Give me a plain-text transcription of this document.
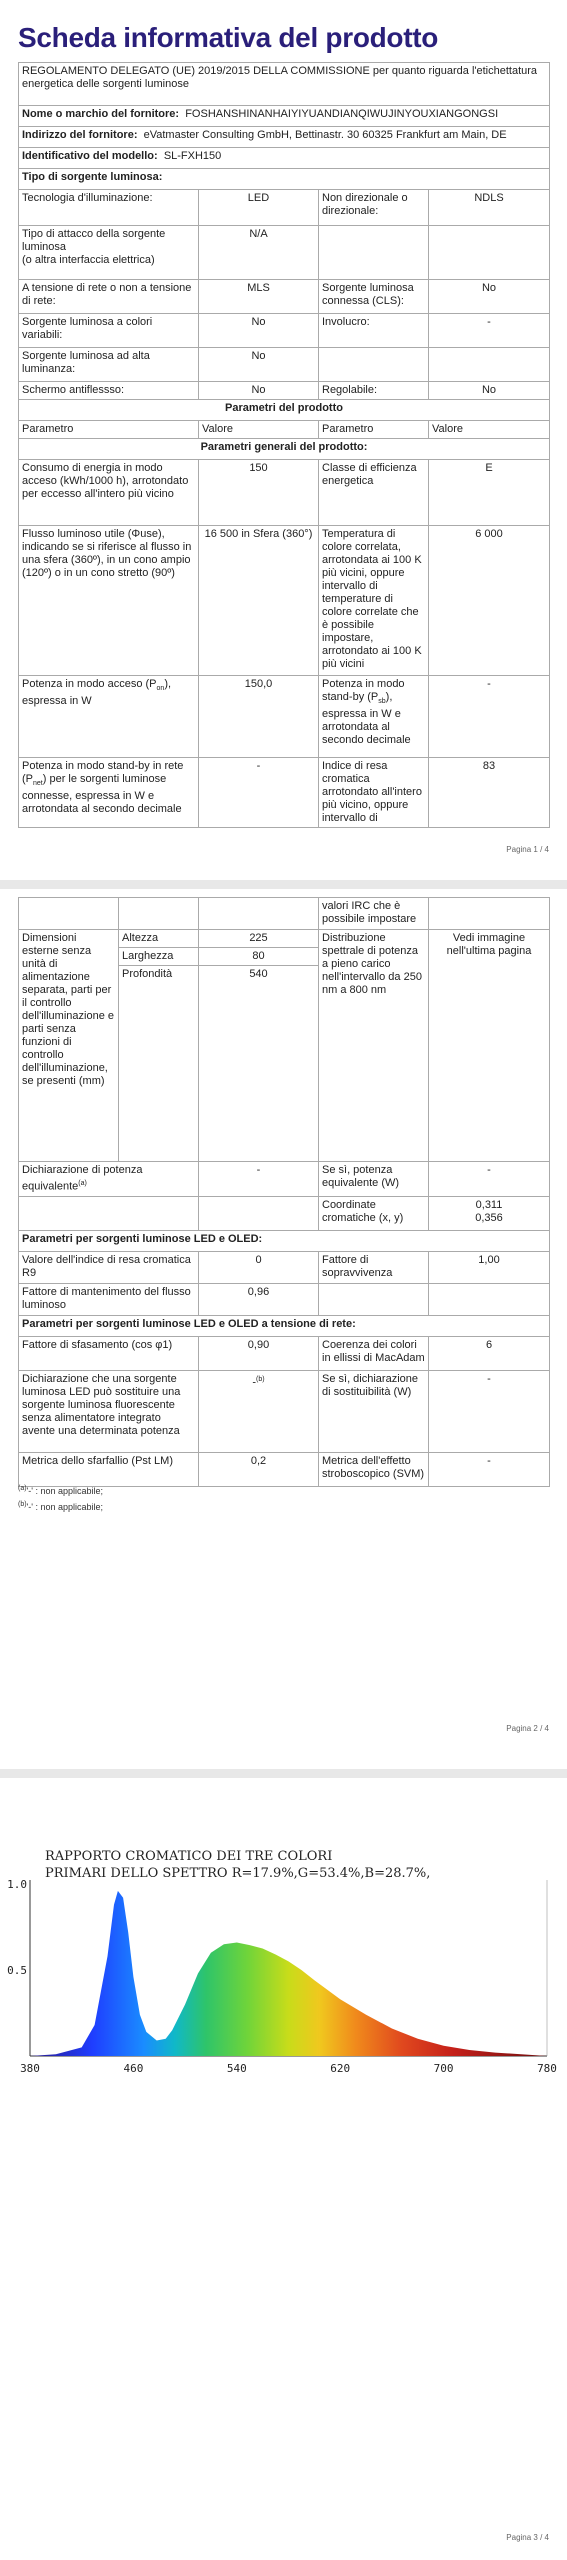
Scheda informativa del prodotto
REGOLAMENTO DELEGATO (UE) 2019/2015 DELLA COMMISSIONE per quanto riguarda l'etichettatura energetica delle sorgenti luminose			
Nome o marchio del fornitore: FOSHANSHINANHAIYIYUANDIANQIWUJINYOUXIANGONGSI			
Indirizzo del fornitore: eVatmaster Consulting GmbH, Bettinastr. 30 60325 Frankfurt am Main, DE			
Identificativo del modello: SL-FXH150			
Tipo di sorgente luminosa:			
Tecnologia d'illuminazione:	LED	Non direzionale o direzionale:	NDLS

Tipo di attacco della sorgente luminosa
(o altra interfaccia elettrica)	N/A		
A tensione di rete o non a tensione di rete:	MLS	Sorgente luminosa connessa (CLS):	No
Sorgente luminosa a colori variabili:	No	Involucro:	-
Sorgente luminosa ad alta luminanza:	No		
Schermo antiflessso:	No	Regolabile:	No
Parametri del prodotto			
Parametro	Valore	Parametro	Valore
Parametri generali del prodotto:			
Consumo di energia in modo acceso (kWh/1000 h), arrotondato per eccesso all'intero più vicino	150	Classe di efficienza energetica	E
Flusso luminoso utile (Φuse), indicando se si riferisce al flusso in una sfera (360º), in un cono ampio (120º) o in un cono stretto (90º)	16 500 in Sfera (360°)	Temperatura di colore correlata, arrotondata ai 100 K più vicini, oppure intervallo di temperature di colore correlate che è possibile impostare, arrotondato ai 100 K più vicini	6 000
Potenza in modo acceso $(P_{on})$, espressa in W	150,0	Potenza in modo stand-by $(P_{sb})$, espressa in W e arrotondata al secondo decimale	-
Potenza in modo stand-by in rete $(P_{net})$ per le sorgenti luminose connesse, espressa in W e arrotondata al secondo decimale	-	Indice di resa cromatica arrotondato all'intero più vicino, oppure intervallo di	83
Pagina 1 / 4
			valori IRC che è possibile impostare	
Dimensioni esterne senza unità di alimentazione separata, parti per il controllo dell'illuminazione e parti senza funzioni di controllo dell'illuminazione, se presenti (mm)	Altezza	225	Distribuzione spettrale di potenza a pieno carico nell'intervallo da 250 nm a 800 nm	Vedi immagine nell'ultima pagina
	Larghezza	80		
	Profondità	540		
Dichiarazione di potenza equivalente$^{(a)}$		-	Se sì, potenza equivalente (W)	-
			Coordinate cromatiche (x, y)	0,311
0,356

Parametri per sorgenti luminose LED e OLED:				
Valore dell'indice di resa cromatica R9		0	Fattore di sopravvivenza	1,00
Fattore di mantenimento del flusso luminoso		0,96		
Parametri per sorgenti luminose LED e OLED a tensione di rete:				
Fattore di sfasamento (cos φ1)		0,90	Coerenza dei colori in ellissi di MacAdam	6
Dichiarazione che una sorgente luminosa LED può sostituire una sorgente luminosa fluorescente senza alimentatore integrato avente una determinata potenza		-$^{(b)}$	Se sì, dichiarazione di sostituibilità (W)	-
Metrica dello sfarfallio (Pst LM)		0,2	Metrica dell'effetto stroboscopico (SVM)	-
$^{(a)}$'-' : non applicabile;
$^{(b)}$'-' : non applicabile;
Pagina 2 / 4
RAPPORTO CROMATICO DEI TRE COLORI
PRIMARI DELLO SPETTRO R=17.9%,G=53.4%,B=28.7%,
380	460	540	620	700	780
1.0
0.5
Pagina 3 / 4
